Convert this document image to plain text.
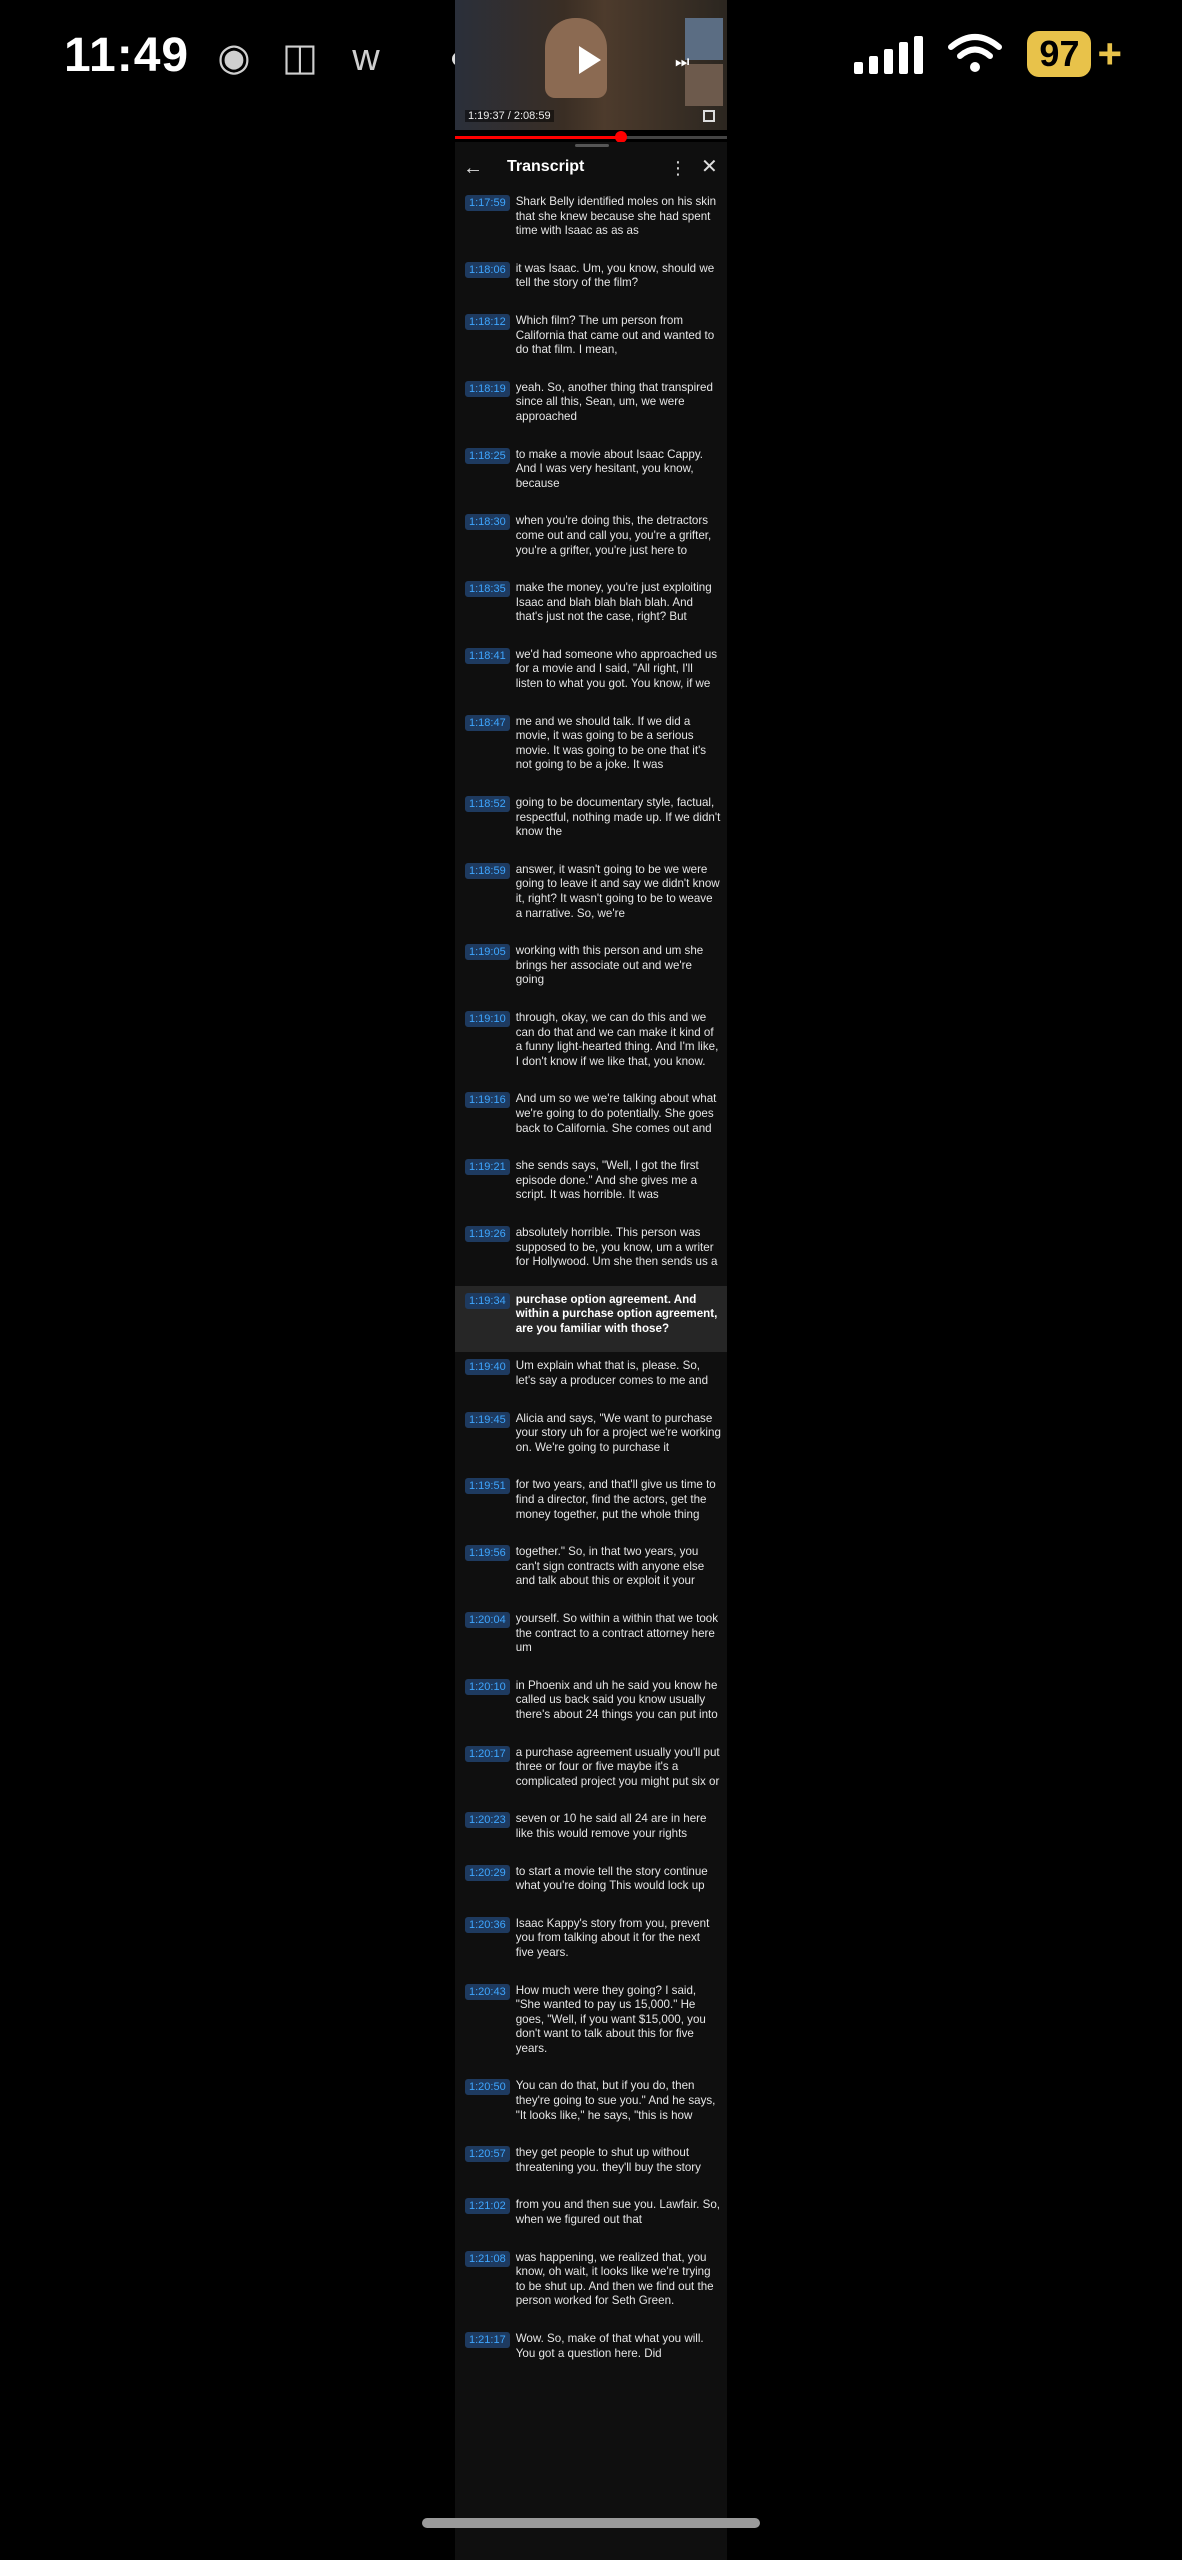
11:49 ◉ ◫ w	97 +
⏭
1:19:37 / 2:08:59
← Transcript	⋮ ✕
1:17:59 Shark Belly identified moles on his skin that she knew because she had spent time with Isaac as as as
1:18:06 it was Isaac. Um, you know, should we tell the story of the film?
1:18:12 Which film? The um person from California that came out and wanted to do that film. I mean,
1:18:19 yeah. So, another thing that transpired since all this, Sean, um, we were approached
1:18:25 to make a movie about Isaac Cappy. And I was very hesitant, you know, because
1:18:30 when you're doing this, the detractors come out and call you, you're a grifter, you're a grifter, you're just here to
1:18:35 make the money, you're just exploiting Isaac and blah blah blah blah. And that's just not the case, right? But
1:18:41 we'd had someone who approached us for a movie and I said, "All right, I'll listen to what you got. You know, if we
1:18:47 me and we should talk. If we did a movie, it was going to be a serious movie. It was going to be one that it's not going to be a joke. It was
1:18:52 going to be documentary style, factual, respectful, nothing made up. If we didn't know the
1:18:59 answer, it wasn't going to be we were going to leave it and say we didn't know it, right? It wasn't going to be to weave a narrative. So, we're
1:19:05 working with this person and um she brings her associate out and we're going
1:19:10 through, okay, we can do this and we can do that and we can make it kind of a funny light-hearted thing. And I'm like, I don't know if we like that, you know.
1:19:16 And um so we we're talking about what we're going to do potentially. She goes back to California. She comes out and
1:19:21 she sends says, "Well, I got the first episode done." And she gives me a script. It was horrible. It was
1:19:26 absolutely horrible. This person was supposed to be, you know, um a writer for Hollywood. Um she then sends us a
1:19:34 purchase option agreement. And within a purchase option agreement, are you familiar with those?
1:19:40 Um explain what that is, please. So, let's say a producer comes to me and
1:19:45 Alicia and says, "We want to purchase your story uh for a project we're working on. We're going to purchase it
1:19:51 for two years, and that'll give us time to find a director, find the actors, get the money together, put the whole thing
1:19:56 together." So, in that two years, you can't sign contracts with anyone else and talk about this or exploit it your
1:20:04 yourself. So within a within that we took the contract to a contract attorney here um
1:20:10 in Phoenix and uh he said you know he called us back said you know usually there's about 24 things you can put into
1:20:17 a purchase agreement usually you'll put three or four or five maybe it's a complicated project you might put six or
1:20:23 seven or 10 he said all 24 are in here like this would remove your rights
1:20:29 to start a movie tell the story continue what you're doing This would lock up
1:20:36 Isaac Kappy's story from you, prevent you from talking about it for the next five years.
1:20:43 How much were they going? I said, "She wanted to pay us 15,000." He goes, "Well, if you want $15,000, you don't want to talk about this for five years.
1:20:50 You can do that, but if you do, then they're going to sue you." And he says, "It looks like," he says, "this is how
1:20:57 they get people to shut up without threatening you. they'll buy the story
1:21:02 from you and then sue you. Lawfair. So, when we figured out that
1:21:08 was happening, we realized that, you know, oh wait, it looks like we're trying to be shut up. And then we find out the person worked for Seth Green.
1:21:17 Wow. So, make of that what you will. You got a question here. Did
